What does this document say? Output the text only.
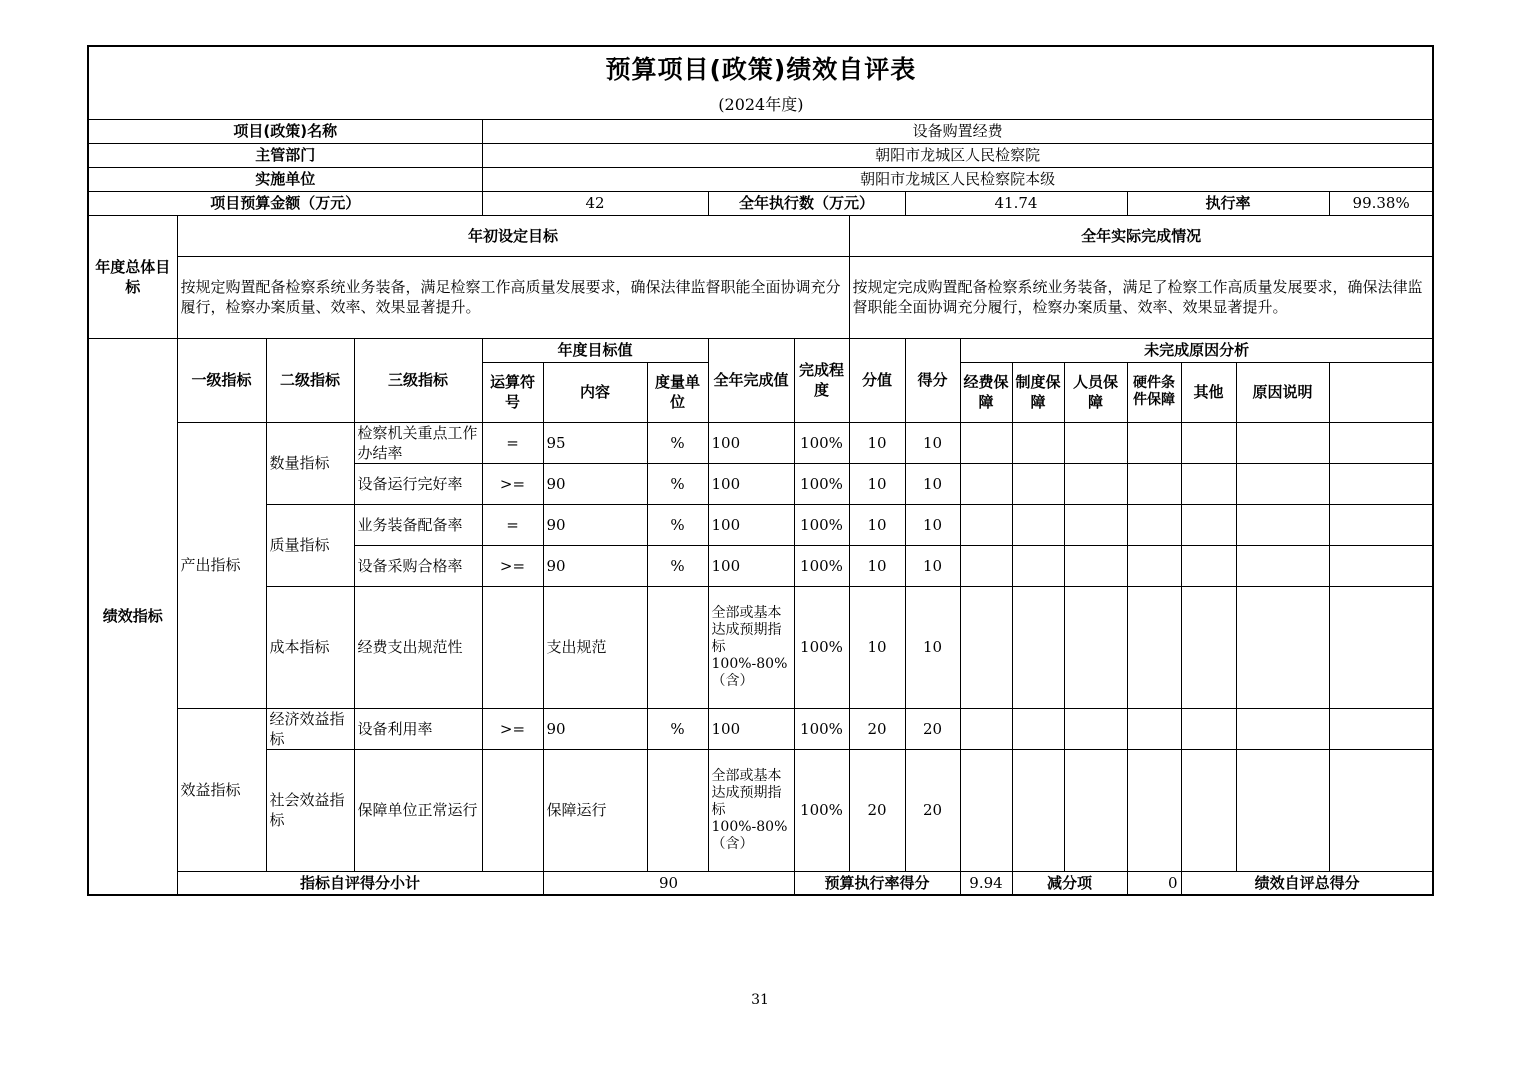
预算项目(政策)绩效自评表																		
(2024年度)																		
项目(政策)名称				设备购置经费														
主管部门				朝阳市龙城区人民检察院														
实施单位				朝阳市龙城区人民检察院本级														
项目预算金额（万元）				42			全年执行数（万元）			41.74				执行率			99.38%	
年度总体目标	年初设定目标								全年实际完成情况									
	按规定购置配备检察系统业务装备，满足检察工作高质量发展要求，确保法律监督职能全面协调充分履行，检察办案质量、效率、效果显著提升。								按规定完成购置配备检察系统业务装备，满足了检察工作高质量发展要求，确保法律监督职能全面协调充分履行，检察办案质量、效率、效果显著提升。									
绩效指标	一级指标	二级指标	三级指标	年度目标值			全年完成值	完成程度	分值	得分	未完成原因分析	
				运算符号	内容	度量单位					经费保障	制度保障	人员保障	硬件条件保障	其他	原因说明		
	产出指标	数量指标	检察机关重点工作办结率	=	95	%	100	100%	10	10								
			设备运行完好率	>=	90	%	100	100%	10	10								
		质量指标	业务装备配备率	=	90	%	100	100%	10	10								
			设备采购合格率	>=	90	%	100	100%	10	10								
		成本指标	经费支出规范性		支出规范		全部或基本达成预期指标100%-80%（含）	100%	10	10								
	效益指标	经济效益指标	设备利用率	>=	90	%	100	100%	20	20								
		社会效益指标	保障单位正常运行		保障运行		全部或基本达成预期指标100%-80%（含）	100%	20	20								
	指标自评得分小计				90			预算执行率得分			9.94	减分项		0	绩效自评总得分	
31
